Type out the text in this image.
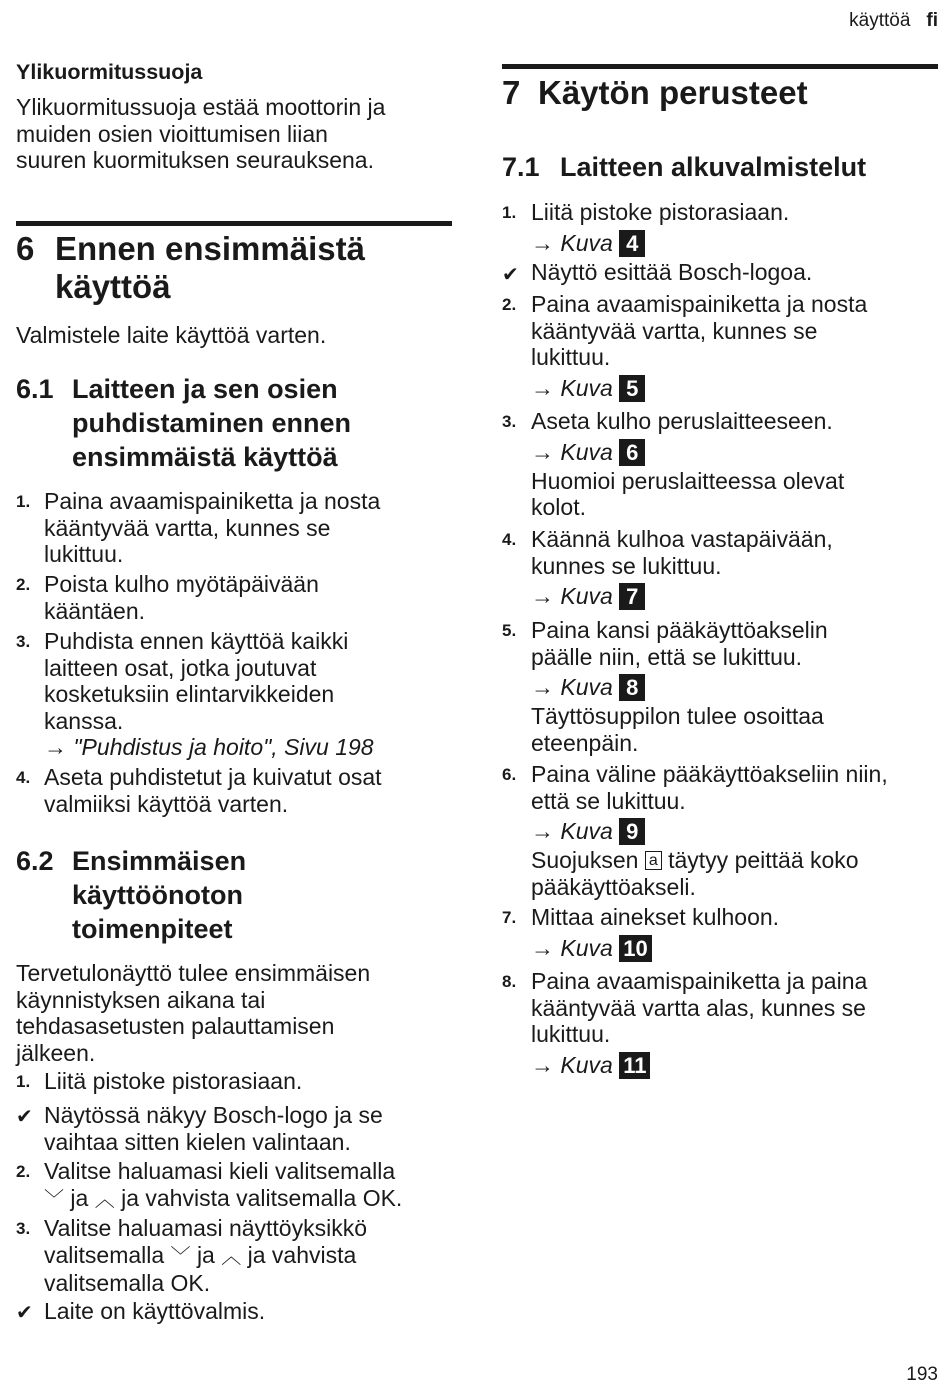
käyttöä fi
Ylikuormitussuoja
Ylikuormitussuoja estää moottorin ja
muiden osien vioittumisen liian
suuren kuormituksen seurauksena.
6 Ennen ensimmäistä
käyttöä
Valmistele laite käyttöä varten.
6.1 Laitteen ja sen osien
puhdistaminen ennen
ensimmäistä käyttöä
1. Paina avaamispainiketta ja nosta
kääntyvää vartta, kunnes se
lukittuu.
2. Poista kulho myötäpäivään
kääntäen.
3. Puhdista ennen käyttöä kaikki
laitteen osat, jotka joutuvat
kosketuksiin elintarvikkeiden
kanssa.
→ "Puhdistus ja hoito", Sivu 198
4. Aseta puhdistetut ja kuivatut osat
valmiiksi käyttöä varten.
6.2 Ensimmäisen
käyttöönoton
toimenpiteet
Tervetulonäyttö tulee ensimmäisen
käynnistyksen aikana tai
tehdasasetusten palauttamisen
jälkeen.
1. Liitä pistoke pistorasiaan.
✔ Näytössä näkyy Bosch-logo ja se
vaihtaa sitten kielen valintaan.
2. Valitse haluamasi kieli valitsemalla
﹀ ja ︿ ja vahvista valitsemalla OK.
3. Valitse haluamasi näyttöyksikkö
valitsemalla ﹀ ja ︿ ja vahvista
valitsemalla OK.
✔ Laite on käyttövalmis.
7 Käytön perusteet
7.1 Laitteen alkuvalmistelut
1. Liitä pistoke pistorasiaan.
→ Kuva 4
✔ Näyttö esittää Bosch-logoa.
2. Paina avaamispainiketta ja nosta
kääntyvää vartta, kunnes se
lukittuu.
→ Kuva 5
3. Aseta kulho peruslaitteeseen.
→ Kuva 6
Huomioi peruslaitteessa olevat
kolot.
4. Käännä kulhoa vastapäivään,
kunnes se lukittuu.
→ Kuva 7
5. Paina kansi pääkäyttöakselin
päälle niin, että se lukittuu.
→ Kuva 8
Täyttösuppilon tulee osoittaa
eteenpäin.
6. Paina väline pääkäyttöakseliin niin,
että se lukittuu.
→ Kuva 9
Suojuksen a täytyy peittää koko
pääkäyttöakseli.
7. Mittaa ainekset kulhoon.
→ Kuva 10
8. Paina avaamispainiketta ja paina
kääntyvää vartta alas, kunnes se
lukittuu.
→ Kuva 11
193
